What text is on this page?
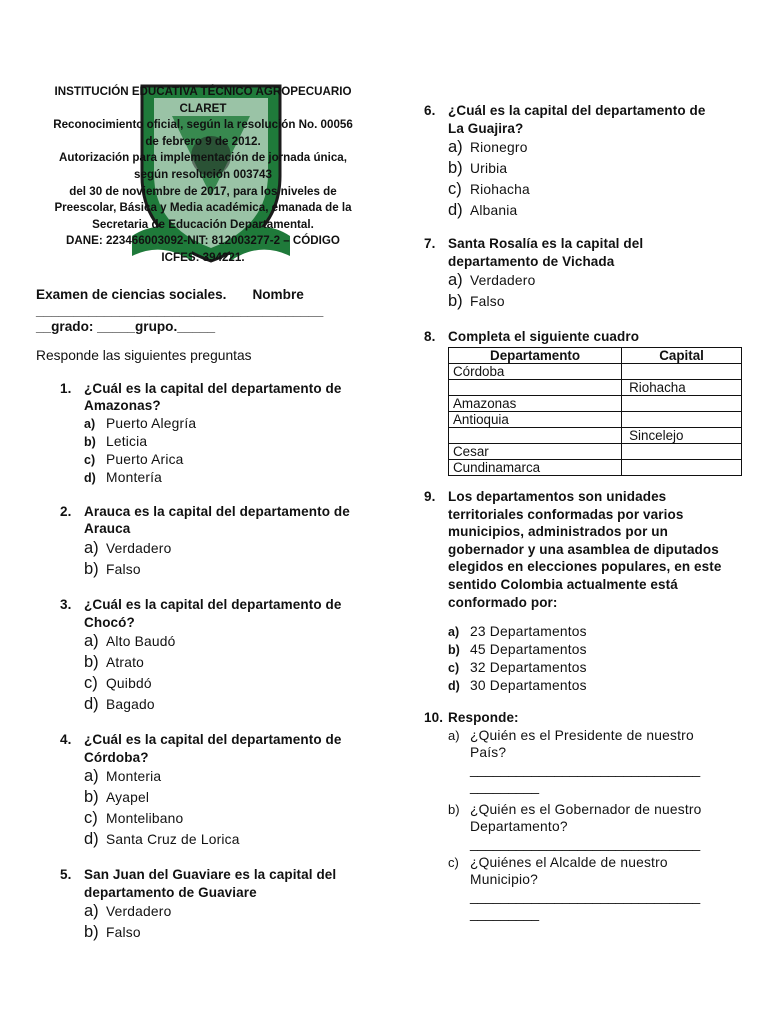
INSTITUCIÓN EDUCATIVA TÉCNICO AGROPECUARIO
CLARET
Reconocimiento oficial, según la resolución No. 00056
de febrero 9 de 2012.
Autorización para implementación de jornada única,
según resolución 003743
del 30 de noviembre de 2017, para los niveles de
Preescolar, Básica y Media académica, emanada de la
Secretaria de Educación Departamental.
DANE: 223466003092-NIT: 812003277-2 – CÓDIGO
ICFES: 394221.
Examen de ciencias sociales. Nombre
______________________________________
__grado: _____grupo._____
Responde las siguientes preguntas
1. ¿Cuál es la capital del departamento de Amazonas?
a) Puerto Alegría
b) Leticia
c) Puerto Arica
d) Montería
2. Arauca es la capital del departamento de Arauca
a) Verdadero
b) Falso
3. ¿Cuál es la capital del departamento de Chocó?
a) Alto Baudó
b) Atrato
c) Quibdó
d) Bagado
4. ¿Cuál es la capital del departamento de Córdoba?
a) Monteria
b) Ayapel
c) Montelibano
d) Santa Cruz de Lorica
5. San Juan del Guaviare es la capital del departamento de Guaviare
a) Verdadero
b) Falso
6. ¿Cuál es la capital del departamento de La Guajira?
a) Rionegro
b) Uribia
c) Riohacha
d) Albania
7. Santa Rosalía es la capital del departamento de Vichada
a) Verdadero
b) Falso
8. Completa el siguiente cuadro
Departamento	Capital
Córdoba	
	Riohacha
Amazonas	
Antioquia	
	Sincelejo
Cesar	
Cundinamarca	
9. Los departamentos son unidades territoriales conformadas por varios municipios, administrados por un gobernador y una asamblea de diputados elegidos en elecciones populares, en este sentido Colombia actualmente está conformado por:
a) 23 Departamentos
b) 45 Departamentos
c) 32 Departamentos
d) 30 Departamentos
10. Responde:
a) ¿Quién es el Presidente de nuestro País?
______________________________
_________
b) ¿Quién es el Gobernador de nuestro Departamento?
______________________________
c) ¿Quiénes el Alcalde de nuestro Municipio?
______________________________
_________
